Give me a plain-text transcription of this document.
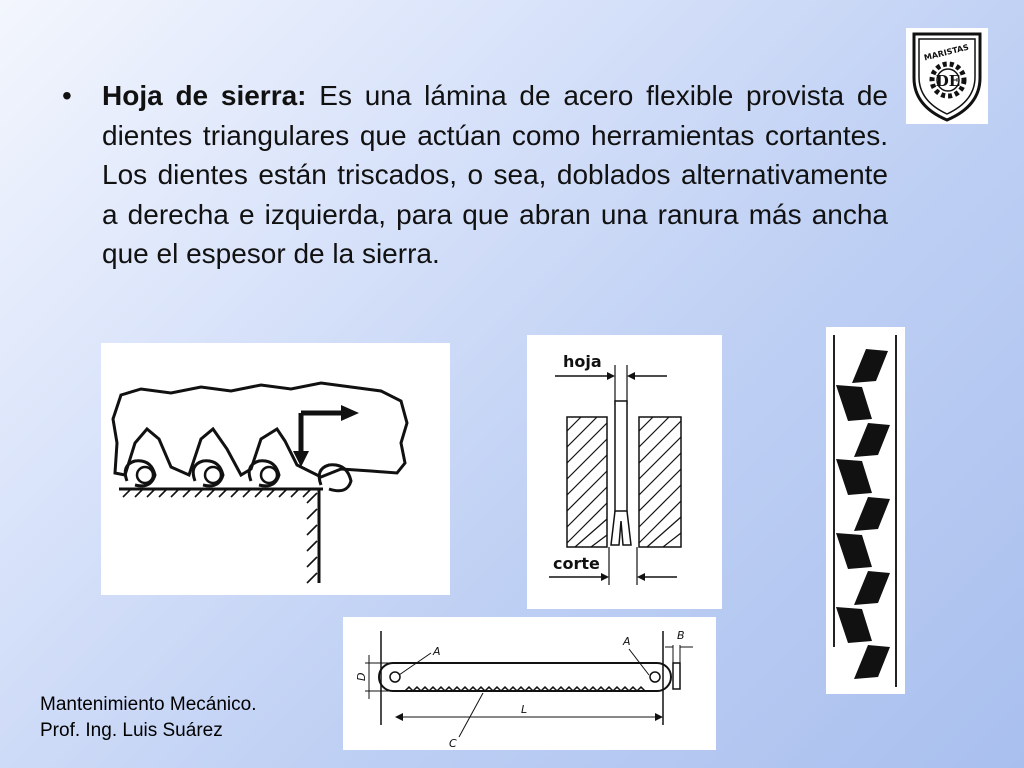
• Hoja de sierra: Es una lámina de acero flexible provista de dientes triangulares que actúan como herramientas cortantes. Los dientes están triscados, o sea, doblados alternativamente a derecha e izquierda, para que abran una ranura más ancha que el espesor de la sierra.
MARISTAS
DE
hoja
corte
B
D
A
A
L
C
Mantenimiento Mecánico.
Prof. Ing. Luis Suárez
